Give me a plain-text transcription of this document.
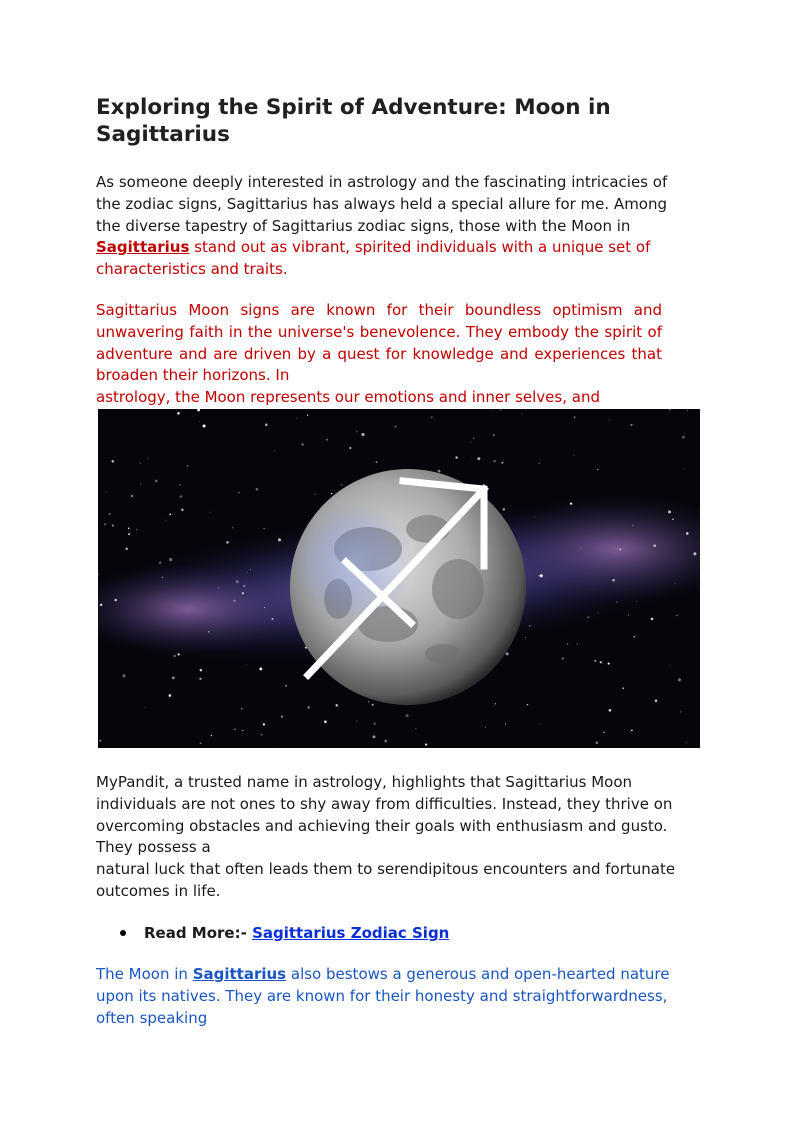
Exploring the Spirit of Adventure: Moon in Sagittarius

As someone deeply interested in astrology and the fascinating intricacies of the zodiac signs, Sagittarius has always held a special allure for me. Among the diverse tapestry of Sagittarius zodiac signs, those with the Moon in Sagittarius stand out as vibrant, spirited individuals with a unique set of characteristics and traits.

Sagittarius Moon signs are known for their boundless optimism and unwavering faith in the universe's benevolence. They embody the spirit of adventure and are driven by a quest for knowledge and experiences that broaden their horizons. In
astrology, the Moon represents our emotions and inner selves, and

MyPandit, a trusted name in astrology, highlights that Sagittarius Moon individuals are not ones to shy away from difficulties. Instead, they thrive on overcoming obstacles and achieving their goals with enthusiasm and gusto. They possess a
natural luck that often leads them to serendipitous encounters and fortunate outcomes in life.

Read More:- Sagittarius Zodiac Sign

The Moon in Sagittarius also bestows a generous and open-hearted nature upon its natives. They are known for their honesty and straightforwardness, often speaking
